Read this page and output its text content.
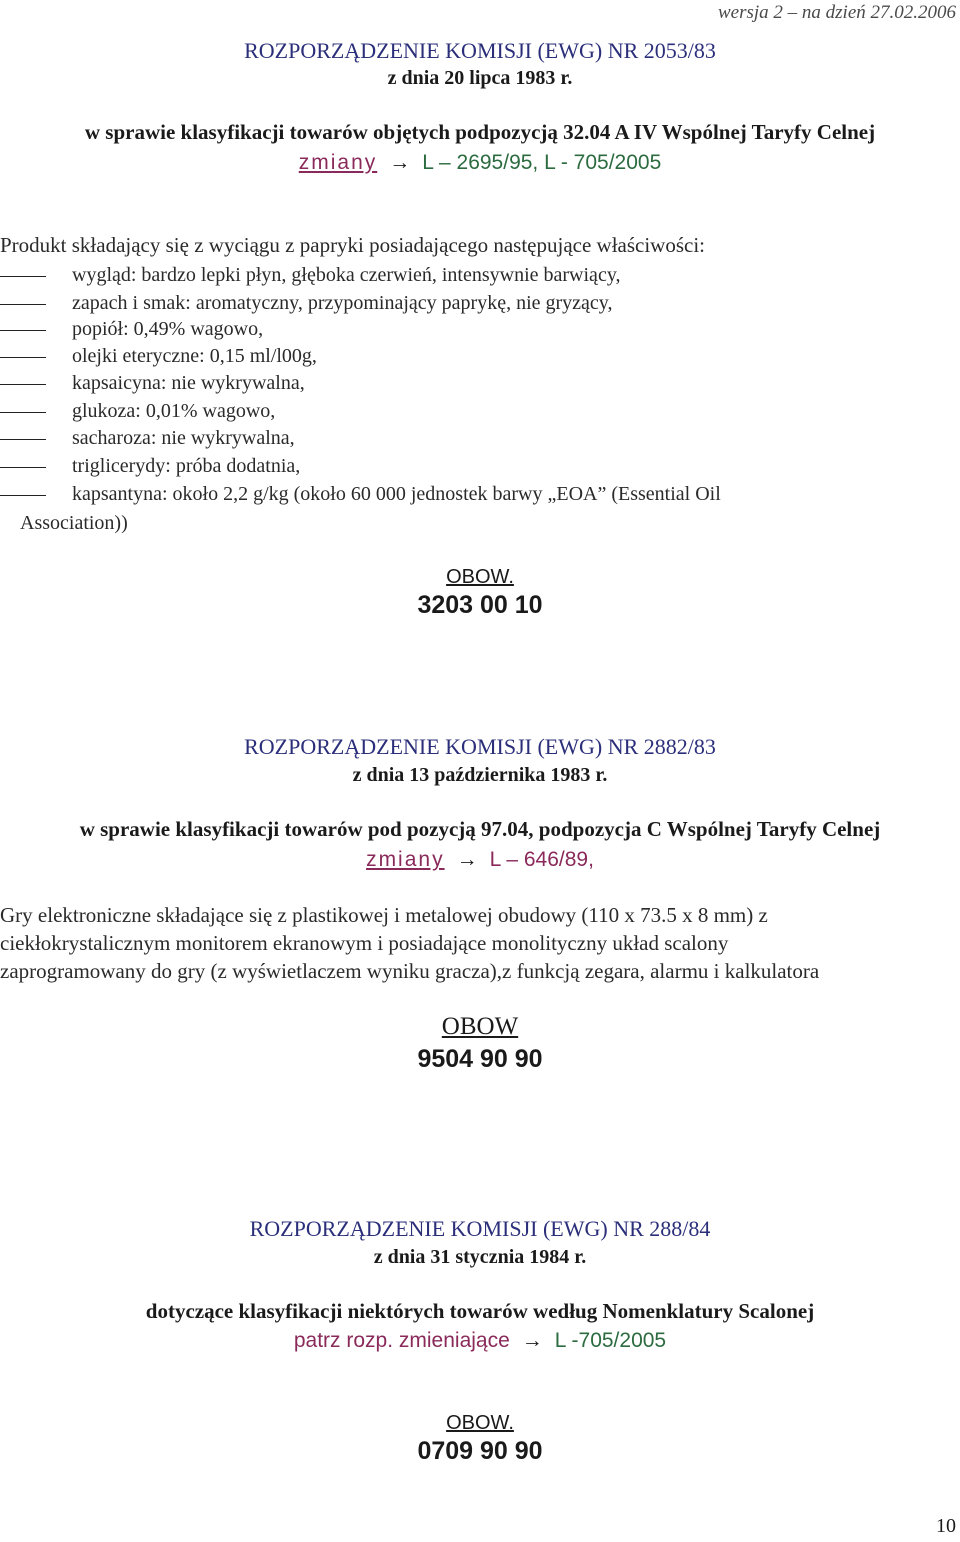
wersja 2 – na dzień 27.02.2006
ROZPORZĄDZENIE KOMISJI (EWG) NR 2053/83
z dnia 20 lipca 1983 r.
w sprawie klasyfikacji towarów objętych podpozycją 32.04 A IV Wspólnej Taryfy Celnej
zmiany → L – 2695/95, L - 705/2005
Produkt składający się z wyciągu z papryki posiadającego następujące właściwości:
wygląd: bardzo lepki płyn, głęboka czerwień, intensywnie barwiący,
zapach i smak: aromatyczny, przypominający paprykę, nie gryzący,
popiół: 0,49% wagowo,
olejki eteryczne: 0,15 ml/l00g,
kapsaicyna: nie wykrywalna,
glukoza: 0,01% wagowo,
sacharoza: nie wykrywalna,
triglicerydy: próba dodatnia,
kapsantyna: około 2,2 g/kg (około 60 000 jednostek barwy „EOA” (Essential Oil
Association))
OBOW.
3203 00 10
ROZPORZĄDZENIE KOMISJI (EWG) NR 2882/83
z dnia 13 października 1983 r.
w sprawie klasyfikacji towarów pod pozycją 97.04, podpozycja C Wspólnej Taryfy Celnej
zmiany → L – 646/89,
Gry elektroniczne składające się z plastikowej i metalowej obudowy (110 x 73.5 x 8 mm) z
ciekłokrystalicznym monitorem ekranowym i posiadające monolityczny układ scalony
zaprogramowany do gry (z wyświetlaczem wyniku gracza),z funkcją zegara, alarmu i kalkulatora
OBOW
9504 90 90
ROZPORZĄDZENIE KOMISJI (EWG) NR 288/84
z dnia 31 stycznia 1984 r.
dotyczące klasyfikacji niektórych towarów według Nomenklatury Scalonej
patrz rozp. zmieniające → L -705/2005
OBOW.
0709 90 90
10
